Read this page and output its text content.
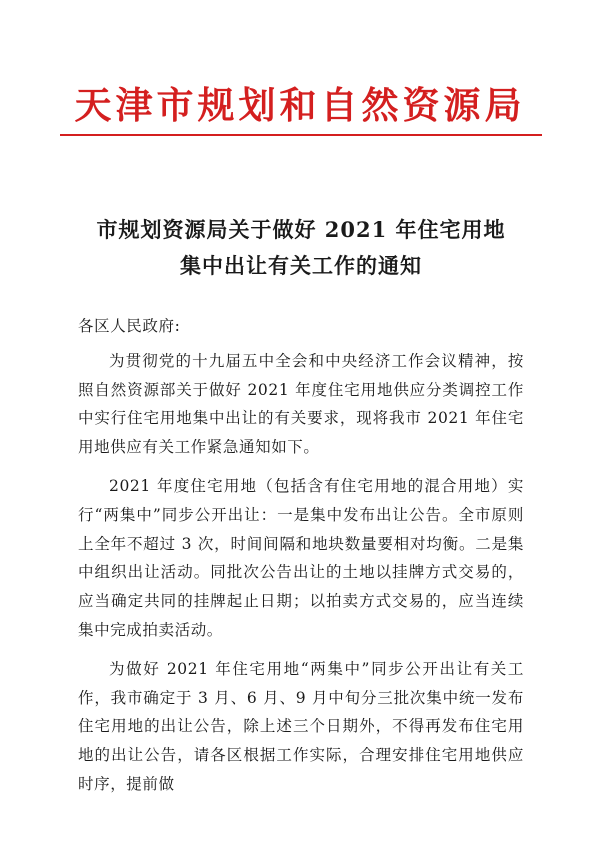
天津市规划和自然资源局
市规划资源局关于做好 2021 年住宅用地
集中出让有关工作的通知

各区人民政府:

为贯彻党的十九届五中全会和中央经济工作会议精神，按照自然资源部关于做好 2021 年度住宅用地供应分类调控工作中实行住宅用地集中出让的有关要求，现将我市 2021 年住宅用地供应有关工作紧急通知如下。

2021 年度住宅用地（包括含有住宅用地的混合用地）实行“两集中”同步公开出让：一是集中发布出让公告。全市原则上全年不超过 3 次，时间间隔和地块数量要相对均衡。二是集中组织出让活动。同批次公告出让的土地以挂牌方式交易的，应当确定共同的挂牌起止日期；以拍卖方式交易的，应当连续集中完成拍卖活动。

为做好 2021 年住宅用地“两集中”同步公开出让有关工作，我市确定于 3 月、6 月、9 月中旬分三批次集中统一发布住宅用地的出让公告，除上述三个日期外，不得再发布住宅用地的出让公告，请各区根据工作实际，合理安排住宅用地供应时序，提前做
